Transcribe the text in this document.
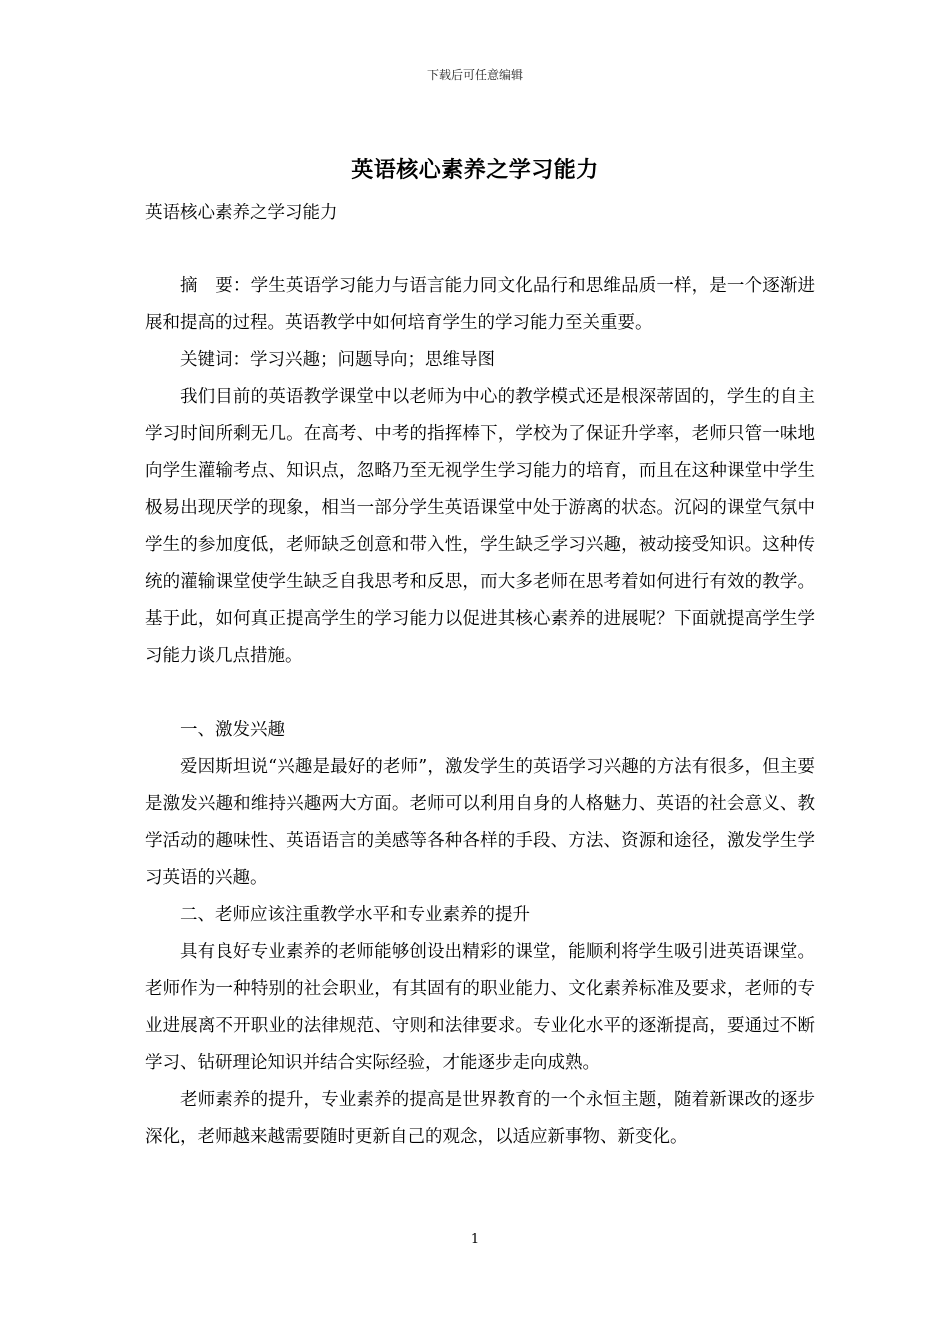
下载后可任意编辑
英语核心素养之学习能力
英语核心素养之学习能力

摘　要：学生英语学习能力与语言能力同文化品行和思维品质一样，是一个逐渐进展和提高的过程。英语教学中如何培育学生的学习能力至关重要。

关键词：学习兴趣；问题导向；思维导图

我们目前的英语教学课堂中以老师为中心的教学模式还是根深蒂固的，学生的自主学习时间所剩无几。在高考、中考的指挥棒下，学校为了保证升学率，老师只管一味地向学生灌输考点、知识点，忽略乃至无视学生学习能力的培育，而且在这种课堂中学生极易出现厌学的现象，相当一部分学生英语课堂中处于游离的状态。沉闷的课堂气氛中学生的参加度低，老师缺乏创意和带入性，学生缺乏学习兴趣，被动接受知识。这种传统的灌输课堂使学生缺乏自我思考和反思，而大多老师在思考着如何进行有效的教学。基于此，如何真正提高学生的学习能力以促进其核心素养的进展呢？下面就提高学生学习能力谈几点措施。

一、激发兴趣

爱因斯坦说“兴趣是最好的老师”，激发学生的英语学习兴趣的方法有很多，但主要是激发兴趣和维持兴趣两大方面。老师可以利用自身的人格魅力、英语的社会意义、教学活动的趣味性、英语语言的美感等各种各样的手段、方法、资源和途径，激发学生学习英语的兴趣。

二、老师应该注重教学水平和专业素养的提升

具有良好专业素养的老师能够创设出精彩的课堂，能顺利将学生吸引进英语课堂。老师作为一种特别的社会职业，有其固有的职业能力、文化素养标准及要求，老师的专业进展离不开职业的法律规范、守则和法律要求。专业化水平的逐渐提高，要通过不断学习、钻研理论知识并结合实际经验，才能逐步走向成熟。

老师素养的提升，专业素养的提高是世界教育的一个永恒主题，随着新课改的逐步深化，老师越来越需要随时更新自己的观念，以适应新事物、新变化。

1
